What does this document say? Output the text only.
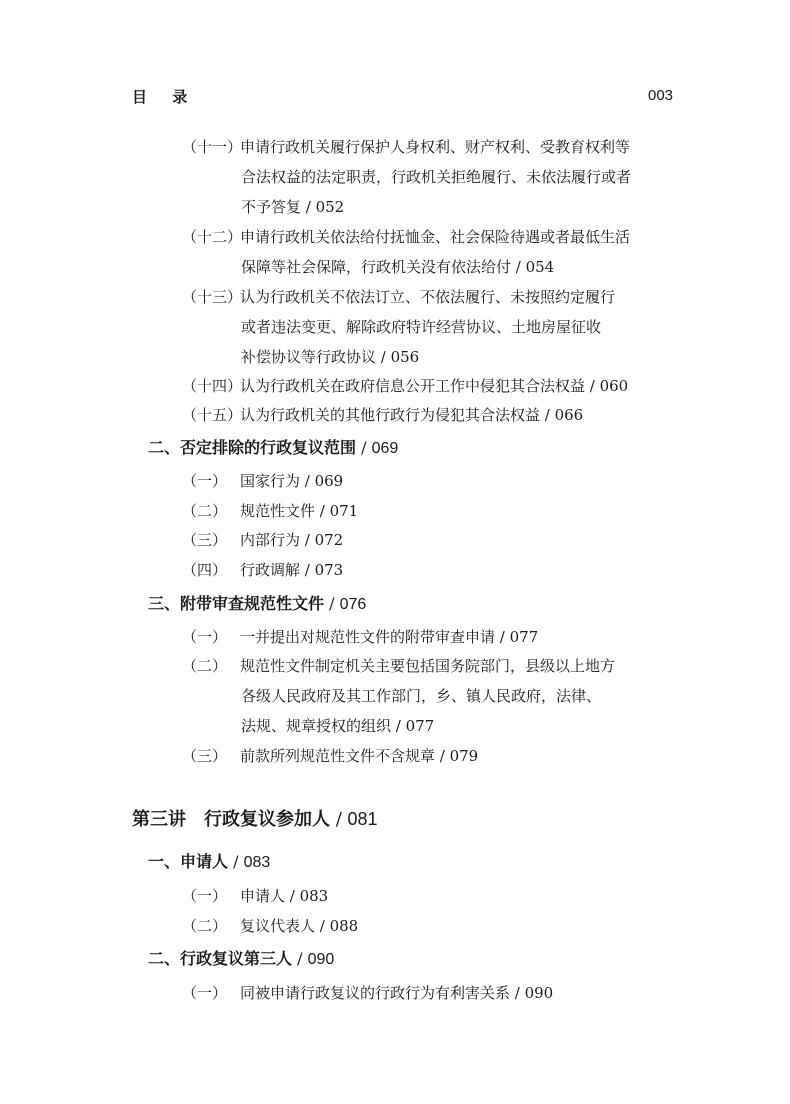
目 录	003
（十一）申请行政机关履行保护人身权利、财产权利、受教育权利等
合法权益的法定职责，行政机关拒绝履行、未依法履行或者
不予答复 / 052
（十二）申请行政机关依法给付抚恤金、社会保险待遇或者最低生活
保障等社会保障，行政机关没有依法给付 / 054
（十三）认为行政机关不依法订立、不依法履行、未按照约定履行
或者违法变更、解除政府特许经营协议、土地房屋征收
补偿协议等行政协议 / 056
（十四）认为行政机关在政府信息公开工作中侵犯其合法权益 / 060
（十五）认为行政机关的其他行政行为侵犯其合法权益 / 066
二、否定排除的行政复议范围 / 069
（一） 国家行为 / 069
（二） 规范性文件 / 071
（三） 内部行为 / 072
（四） 行政调解 / 073
三、附带审查规范性文件 / 076
（一） 一并提出对规范性文件的附带审查申请 / 077
（二） 规范性文件制定机关主要包括国务院部门，县级以上地方
各级人民政府及其工作部门，乡、镇人民政府，法律、
法规、规章授权的组织 / 077
（三） 前款所列规范性文件不含规章 / 079
第三讲　行政复议参加人 / 081
一、申请人 / 083
（一） 申请人 / 083
（二） 复议代表人 / 088
二、行政复议第三人 / 090
（一） 同被申请行政复议的行政行为有利害关系 / 090
